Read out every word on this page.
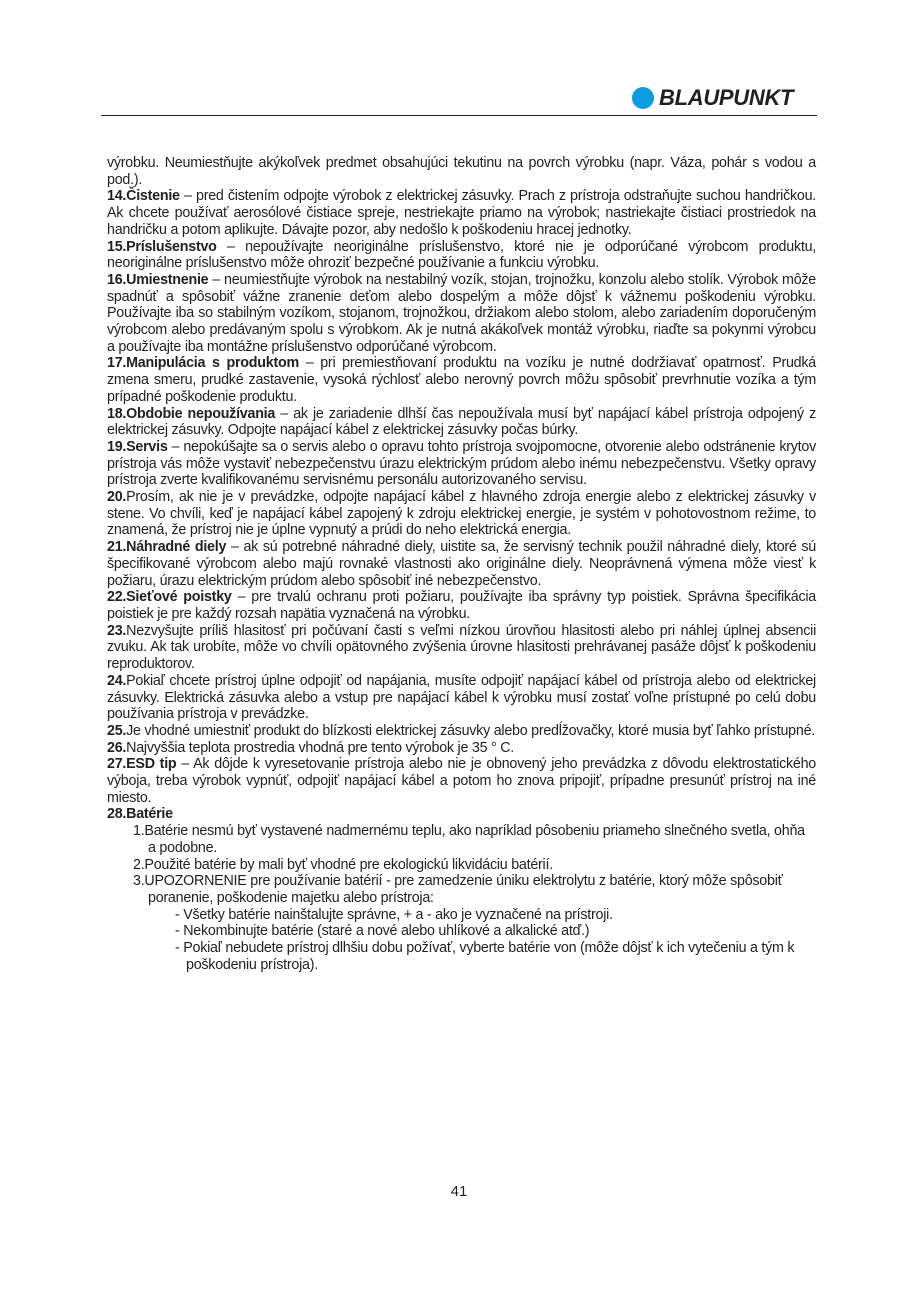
BLAUPUNKT

výrobku. Neumiestňujte akýkoľvek predmet obsahujúci tekutinu na povrch výrobku (napr. Váza, pohár s vodou a pod.).

14.Čistenie – pred čistením odpojte výrobok z elektrickej zásuvky. Prach z prístroja odstraňujte suchou handričkou. Ak chcete používať aerosólové čistiace spreje, nestriekajte priamo na výrobok; nastriekajte čistiaci prostriedok na handričku a potom aplikujte. Dávajte pozor, aby nedošlo k poškodeniu hracej jednotky.

15.Príslušenstvo – nepoužívajte neoriginálne príslušenstvo, ktoré nie je odporúčané výrobcom produktu, neoriginálne príslušenstvo môže ohroziť bezpečné používanie a funkciu výrobku.

16.Umiestnenie – neumiestňujte výrobok na nestabilný vozík, stojan, trojnožku, konzolu alebo stolík. Výrobok môže spadnúť a spôsobiť vážne zranenie deťom alebo dospelým a môže dôjsť k vážnemu poškodeniu výrobku. Používajte iba so stabilným vozíkom, stojanom, trojnožkou, držiakom alebo stolom, alebo zariadením doporučeným výrobcom alebo predávaným spolu s výrobkom. Ak je nutná akákoľvek montáž výrobku, riaďte sa pokynmi výrobcu a používajte iba montážne príslušenstvo odporúčané výrobcom.

17.Manipulácia s produktom – pri premiestňovaní produktu na vozíku je nutné dodržiavať opatrnosť. Prudká zmena smeru, prudké zastavenie, vysoká rýchlosť alebo nerovný povrch môžu spôsobiť prevrhnutie vozíka a tým prípadné poškodenie produktu.

18.Obdobie nepoužívania – ak je zariadenie dlhší čas nepoužívala musí byť napájací kábel prístroja odpojený z elektrickej zásuvky. Odpojte napájací kábel z elektrickej zásuvky počas búrky.

19.Servis – nepokúšajte sa o servis alebo o opravu tohto prístroja svojpomocne, otvorenie alebo odstránenie krytov prístroja vás môže vystaviť nebezpečenstvu úrazu elektrickým prúdom alebo inému nebezpečenstvu. Všetky opravy prístroja zverte kvalifikovanému servisnému personálu autorizovaného servisu.

20.Prosím, ak nie je v prevádzke, odpojte napájací kábel z hlavného zdroja energie alebo z elektrickej zásuvky v stene. Vo chvíli, keď je napájací kábel zapojený k zdroju elektrickej energie, je systém v pohotovostnom režime, to znamená, že prístroj nie je úplne vypnutý a prúdi do neho elektrická energia.

21.Náhradné diely – ak sú potrebné náhradné diely, uistite sa, že servisný technik použil náhradné diely, ktoré sú špecifikované výrobcom alebo majú rovnaké vlastnosti ako originálne diely. Neoprávnená výmena môže viesť k požiaru, úrazu elektrickým prúdom alebo spôsobiť iné nebezpečenstvo.

22.Sieťové poistky – pre trvalú ochranu proti požiaru, používajte iba správny typ poistiek. Správna špecifikácia poistiek je pre každý rozsah napätia vyznačená na výrobku.

23.Nezvyšujte príliš hlasitosť pri počúvaní časti s veľmi nízkou úrovňou hlasitosti alebo pri náhlej úplnej absencii zvuku. Ak tak urobíte, môže vo chvíli opätovného zvýšenia úrovne hlasitosti prehrávanej pasáže dôjsť k poškodeniu reproduktorov.

24.Pokiaľ chcete prístroj úplne odpojiť od napájania, musíte odpojiť napájací kábel od prístroja alebo od elektrickej zásuvky. Elektrická zásuvka alebo a vstup pre napájací kábel k výrobku musí zostať voľne prístupné po celú dobu používania prístroja v prevádzke.

25.Je vhodné umiestniť produkt do blízkosti elektrickej zásuvky alebo predĺžovačky, ktoré musia byť ľahko prístupné.

26.Najvyššia teplota prostredia vhodná pre tento výrobok je 35 ° C.

27.ESD tip – Ak dôjde k vyresetovanie prístroja alebo nie je obnovený jeho prevádzka z dôvodu elektrostatického výboja, treba výrobok vypnúť, odpojiť napájací kábel a potom ho znova pripojiť, prípadne presunúť prístroj na iné miesto.

28.Batérie

1.Batérie nesmú byť vystavené nadmernému teplu, ako napríklad pôsobeniu priameho slnečného svetla, ohňa a podobne.

2.Použité batérie by mali byť vhodné pre ekologickú likvidáciu batérií.

3.UPOZORNENIE pre používanie batérií - pre zamedzenie úniku elektrolytu z batérie, ktorý môže spôsobiť poranenie, poškodenie majetku alebo prístroja:

- Všetky batérie nainštalujte správne, + a - ako je vyznačené na prístroji.

- Nekombinujte batérie (staré a nové alebo uhlíkové a alkalické atď.)

- Pokiaľ nebudete prístroj dlhšiu dobu požívať, vyberte batérie von (môže dôjsť k ich vytečeniu a tým k poškodeniu prístroja).

41
